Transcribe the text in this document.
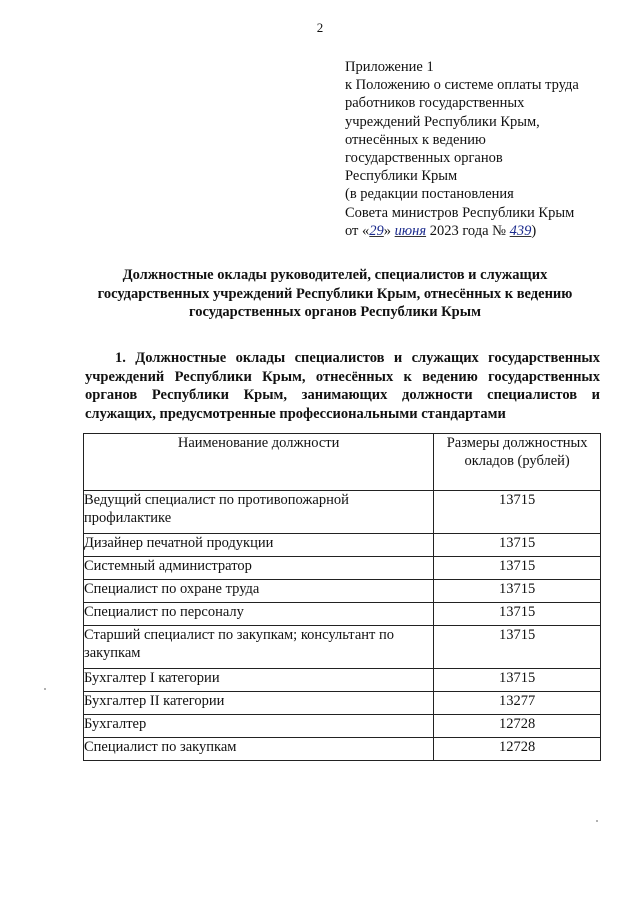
2
Приложение 1
к Положению о системе оплаты труда
работников государственных
учреждений Республики Крым,
отнесённых к ведению
государственных органов
Республики Крым
(в редакции постановления
Совета министров Республики Крым
от «29» июня 2023 года № 439)
Должностные оклады руководителей, специалистов и служащих государственных учреждений Республики Крым, отнесённых к ведению государственных органов Республики Крым
1. Должностные оклады специалистов и служащих государственных учреждений Республики Крым, отнесённых к ведению государственных органов Республики Крым, занимающих должности специалистов и служащих, предусмотренные профессиональными стандартами
Наименование должности	Размеры должностных окладов (рублей)
Ведущий специалист по противопожарной профилактике	13715
Дизайнер печатной продукции	13715
Системный администратор	13715
Специалист по охране труда	13715
Специалист по персоналу	13715
Старший специалист по закупкам; консультант по закупкам	13715
Бухгалтер I категории	13715
Бухгалтер II категории	13277
Бухгалтер	12728
Специалист по закупкам	12728
